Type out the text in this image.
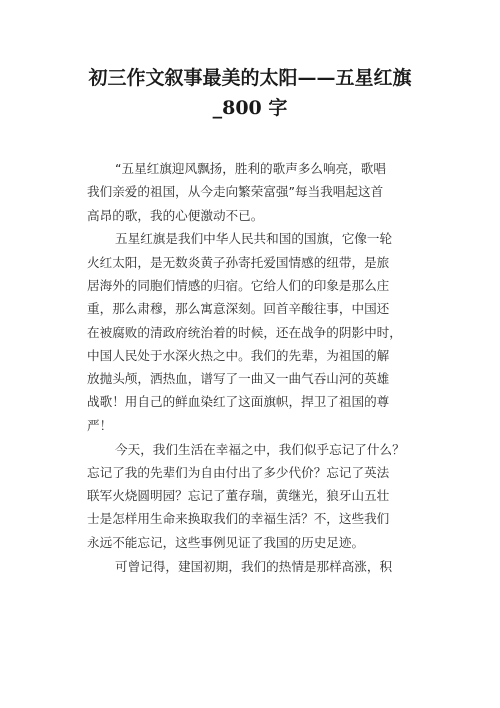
初三作文叙事最美的太阳——五星红旗
_800 字
“五星红旗迎风飘扬，胜利的歌声多么响亮，歌唱
我们亲爱的祖国，从今走向繁荣富强”每当我唱起这首
高昂的歌，我的心便激动不已。
五星红旗是我们中华人民共和国的国旗，它像一轮
火红太阳，是无数炎黄子孙寄托爱国情感的纽带，是旅
居海外的同胞们情感的归宿。它给人们的印象是那么庄
重，那么肃穆，那么寓意深刻。回首辛酸往事，中国还
在被腐败的清政府统治着的时候，还在战争的阴影中时，
中国人民处于水深火热之中。我们的先辈，为祖国的解
放抛头颅，洒热血，谱写了一曲又一曲气吞山河的英雄
战歌！用自己的鲜血染红了这面旗帜，捍卫了祖国的尊
严！
今天，我们生活在幸福之中，我们似乎忘记了什么？
忘记了我的先辈们为自由付出了多少代价？忘记了英法
联军火烧圆明园？忘记了董存瑞，黄继光，狼牙山五壮
士是怎样用生命来换取我们的幸福生活？不，这些我们
永远不能忘记，这些事例见证了我国的历史足迹。
可曾记得，建国初期，我们的热情是那样高涨，积
